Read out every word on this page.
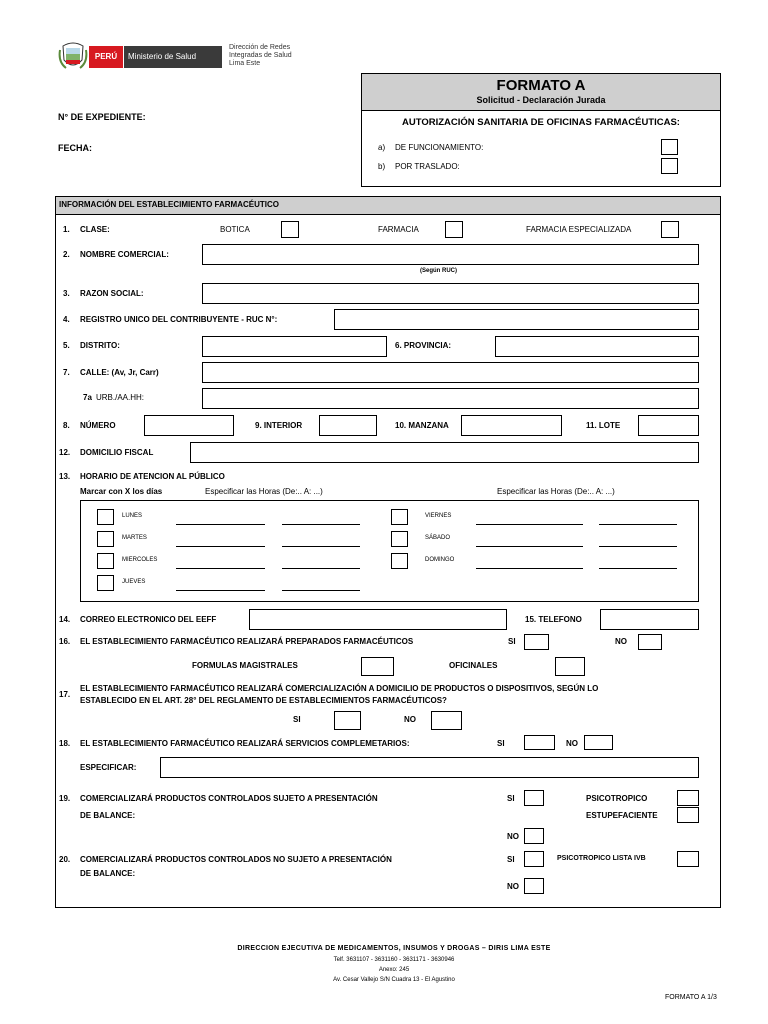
PERÚ	Ministerio de Salud
Dirección de Redes
Integradas de Salud
Lima Este
N° DE EXPEDIENTE:
FECHA:
FORMATO A
Solicitud - Declaración Jurada
AUTORIZACIÓN SANITARIA DE OFICINAS FARMACÉUTICAS:
a) DE FUNCIONAMIENTO:
b) POR TRASLADO:
INFORMACIÓN DEL ESTABLECIMIENTO FARMACÉUTICO
1. CLASE:	BOTICA	FARMACIA	FARMACIA ESPECIALIZADA
2. NOMBRE COMERCIAL:
(Según RUC)
3. RAZON SOCIAL:
4. REGISTRO UNICO DEL CONTRIBUYENTE - RUC N°:
5. DISTRITO:	6. PROVINCIA:
7. CALLE: (Av, Jr, Carr)
7a URB./AA.HH:
8. NÚMERO	9. INTERIOR	10. MANZANA	11. LOTE
12. DOMICILIO FISCAL
13. HORARIO DE ATENCION AL PÚBLICO
Marcar con X los días	Especificar las Horas (De:.. A: ...)	Especificar las Horas (De:.. A: ...)
LUNES
MARTES
MIERCOLES
JUEVES
VIERNES
SÁBADO
DOMINGO
14. CORREO ELECTRONICO DEL EEFF	15. TELEFONO
16. EL ESTABLECIMIENTO FARMACÉUTICO REALIZARÁ PREPARADOS FARMACÉUTICOS	SI	NO
FORMULAS MAGISTRALES	OFICINALES
17.
EL ESTABLECIMIENTO FARMACÉUTICO REALIZARÁ COMERCIALIZACIÓN A DOMICILIO DE PRODUCTOS O DISPOSITIVOS, SEGÚN LO
ESTABLECIDO EN EL ART. 28° DEL REGLAMENTO DE ESTABLECIMIENTOS FARMACÉUTICOS?
SI	NO
18. EL ESTABLECIMIENTO FARMACÉUTICO REALIZARÁ SERVICIOS COMPLEMETARIOS:	SI	NO
ESPECIFICAR:
19. COMERCIALIZARÁ PRODUCTOS CONTROLADOS SUJETO A PRESENTACIÓN
DE BALANCE:
SI	PSICOTROPICO
ESTUPEFACIENTE
NO
20. COMERCIALIZARÁ PRODUCTOS CONTROLADOS NO SUJETO A PRESENTACIÓN
DE BALANCE:
SI	PSICOTROPICO LISTA IVB
NO
DIRECCION EJECUTIVA DE MEDICAMENTOS, INSUMOS Y DROGAS – DIRIS LIMA ESTE
Telf. 3631107 - 3631160 - 3631171 - 3630946
Anexo: 245
Av. Cesar Vallejo S/N Cuadra 13 - El Agustino
FORMATO A 1/3
